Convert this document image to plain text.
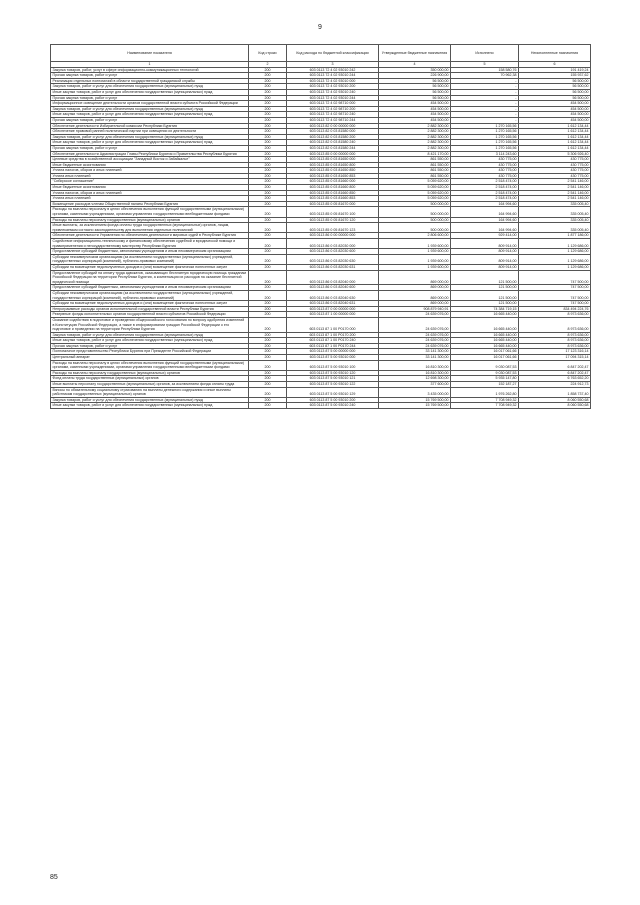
9
Наименование показателя	Код строки	Код расхода по бюджетной классификации	Утвержденные бюджетные назначения	Исполнено	Неисполненные назначения
1	2	3	4	5	6
Закупка товаров, работ, услуг в сфере информационно-коммуникационных технологий	200	603 0113 72 4 02 93010 242	350 000,00	158 580,76	191 419,24
Прочая закупка товаров, работ и услуг	200	603 0113 72 4 02 93010 244	226 900,00	70 962,38	155 937,62
Реализация отдельных полномочий в области государственной гражданской службы	200	603 0113 72 4 02 93010 000	56 500,00	-	56 500,00
Закупка товаров, работ и услуг для обеспечения государственных (муниципальных) нужд	200	603 0113 72 4 02 93010 200	56 500,00	-	56 500,00
Иные закупки товаров, работ и услуг для обеспечения государственных (муниципальных) нужд	200	603 0113 72 4 02 93010 240	56 500,00	-	56 500,00
Прочая закупка товаров, работ и услуг	200	603 0113 72 4 02 93010 244	56 500,00	-	56 500,00
Информационное освещение деятельности органов государственной власти субъекта Российской Федерации	200	603 0113 72 4 02 98710 000	454 500,00	-	454 500,00
Закупка товаров, работ и услуг для обеспечения государственных (муниципальных) нужд	200	603 0113 72 4 02 98710 200	454 500,00	-	454 500,00
Иные закупки товаров, работ и услуг для обеспечения государственных (муниципальных) нужд	200	603 0113 72 4 02 98710 240	454 500,00	-	454 500,00
Прочая закупка товаров, работ и услуг	200	603 0113 72 4 02 98710 244	454 500,00	-	454 500,00
Обеспечение деятельности Избирательной комиссии Республики Бурятия	200	603 0113 82 0 00 00000 000	2 882 300,00	1 270 165,56	1 612 134,44
Обеспечение правовой ранней политической партии при освещении их деятельности	200	603 0113 82 0 03 81580 000	2 882 300,00	1 270 165,56	1 612 134,44
Закупка товаров, работ и услуг для обеспечения государственных (муниципальных) нужд	200	603 0113 82 0 03 81580 200	2 882 300,00	1 270 165,56	1 612 134,44
Иные закупки товаров, работ и услуг для обеспечения государственных (муниципальных) нужд	200	603 0113 82 0 03 81580 240	2 882 300,00	1 270 165,56	1 612 134,44
Прочая закупка товаров, работ и услуг	200	603 0113 82 0 03 81580 244	2 882 300,00	1 270 165,56	1 612 134,44
Обеспечение деятельности Администрации Главы Республики Бурятия и Правительства Республики Бурятия	200	603 0113 85 0 00 00000 000	8 421 170,00	3 114 243,60	5 306 926,40
Целевые средства в хозяйственной ассоциации "Западный Восток и Забайкалье"	200	603 0113 85 0 03 81650 000	861 550,00	430 775,00	430 775,00
Иные бюджетные ассигнования	200	603 0113 85 0 03 81650 800	861 550,00	430 775,00	430 775,00
Уплата налогов, сборов и иных платежей	200	603 0113 85 0 03 81650 850	861 550,00	430 775,00	430 775,00
Уплата иных платежей	200	603 0113 85 0 03 81650 853	861 550,00	430 775,00	430 775,00
"Сибирское соглашение"	200	603 0113 85 0 03 81660 000	5 059 620,00	2 518 474,00	2 541 146,00
Иные бюджетные ассигнования	200	603 0113 85 0 03 81660 800	5 059 620,00	2 518 474,00	2 541 146,00
Уплата налогов, сборов и иных платежей	200	603 0113 85 0 03 81660 850	5 059 620,00	2 518 474,00	2 541 146,00
Уплата иных платежей	200	603 0113 85 0 03 81660 853	5 059 620,00	2 518 474,00	2 541 146,00
Возмещение расходов членам Общественной палаты Республики Бурятия	200	603 0113 85 0 05 81670 000	500 000,00	164 994,60	335 005,40
Расходы на выплаты персоналу в целях обеспечения выполнения функций государственными (муниципальными) органами, казенными учреждениями, органами управления государственными внебюджетными фондами	200	603 0113 85 0 05 81670 100	500 000,00	164 994,60	335 005,40
Расходы на выплаты персоналу государственных (муниципальных) органов	200	603 0113 85 0 05 81670 120	500 000,00	164 994,60	335 005,40
Иные выплаты, за исключением фонда оплаты труда государственных (муниципальных) органов, лицам, привлекаемым согласно законодательству для выполнения отдельных полномочий	200	603 0113 85 0 05 81670 123	500 000,00	164 994,60	335 005,40
Обеспечение деятельности Управления по обеспечению деятельности мировых судей в Республике Бурятия	200	603 0113 86 0 00 00000 000	2 806 600,00	929 414,00	1 877 186,00
Содействие информационно-техническому и финансовому обеспечению судебной и юридической помощи и правоприменения и негосударственному мастерству Республики Бурятия	200	603 0113 86 0 03 82030 000	1 939 600,00	809 914,00	1 129 686,00
Предоставление субсидий бюджетным, автономным учреждениям и иным некоммерческим организациям	200	603 0113 86 0 03 82030 600	1 939 600,00	809 914,00	1 129 686,00
Субсидии некоммерческим организациям (за исключением государственных (муниципальных) учреждений, государственных корпораций (компаний), публично-правовых компаний)	200	603 0113 86 0 03 82030 630	1 939 600,00	809 914,00	1 129 686,00
Субсидии на возмещение недополученных доходов и (или) возмещение фактически понесенных затрат	200	603 0113 86 0 03 82030 631	1 939 600,00	809 914,00	1 129 686,00
Предоставление субсидий на оплату труда адвокатов, оказывающих бесплатную юридическую помощь гражданам Российской Федерации на территории Республики Бурятия, а компенсация их расходов на оказание бесплатной юридической помощи	200	603 0113 86 0 03 82040 000	869 000,00	121 500,00	747 500,00
Предоставление субсидий бюджетным, автономным учреждениям и иным некоммерческим организациям	200	603 0113 86 0 03 82040 600	869 000,00	121 500,00	747 500,00
Субсидии некоммерческим организациям (за исключением государственных (муниципальных) учреждений, государственных корпораций (компаний), публично-правовых компаний)	200	603 0113 86 0 03 82040 630	869 000,00	121 500,00	747 500,00
Субсидии на возмещение недополученных доходов и (или) возмещение фактически понесенных затрат	200	603 0113 86 0 03 82040 631	869 000,00	121 500,00	747 500,00
Непрограммные расходы органов исполнительной государственной власти Республики Бурятия	200	603 0113 87 0 00 00000 000	908 879 940,91	74 384 719,15	834 494 224,76
Резервные фонды исполнительных органов государственной власти субъектов Российской Федерации	200	603 0113 87 1 00 00000 000	24 639 076,00	16 665 440,00	8 973 636,00
Оказание содействия в подготовке и проведении общероссийского голосования по вопросу одобрения изменений в Конституцию Российской Федерации, а также в информировании граждан Российской Федерации о его подготовке и проведении на территории Республики Бурятия	200	603 0113 87 1 00 Р0170 000	24 639 076,00	16 665 440,00	8 973 636,00
Закупка товаров, работ и услуг для обеспечения государственных (муниципальных) нужд	200	603 0113 87 1 00 Р0170 200	24 639 076,00	16 665 440,00	8 973 636,00
Иные закупки товаров, работ и услуг для обеспечения государственных (муниципальных) нужд	200	603 0113 87 1 00 Р0170 240	24 639 076,00	16 665 440,00	8 973 636,00
Прочая закупка товаров, работ и услуг	200	603 0113 87 1 00 Р0170 244	24 639 076,00	16 665 440,00	8 973 636,00
Полномочное представительство Республики Бурятия при Президенте Российской Федерации	200	603 0113 87 5 00 00000 000	33 141 300,00	16 017 061,66	17 123 316,14
Центральный аппарат	200	603 0113 87 5 00 93010 000	33 141 300,00	16 017 061,66	17 094 315,14
Расходы на выплаты персоналу в целях обеспечения выполнения функций государственными (муниципальными) органами, казенными учреждениями, органами управления государственными внебюджетными фондами	200	603 0113 87 5 00 93010 100	16 810 300,00	9 030 087,53	6 847 202,47
Расходы на выплаты персоналу государственных (муниципальных) органов	200	603 0113 87 5 00 93010 120	16 810 300,00	9 030 087,53	6 847 202,47
Фонд оплаты труда государственных (муниципальных) органов	200	603 0113 87 5 00 93010 121	12 698 300,00	5 935 147,80	6 763 652,20
Иные выплаты персоналу государственных (муниципальных) органов, за исключением фонда оплаты труда	200	603 0113 87 5 00 93010 122	377 600,00	152 187,27	224 912,73
Взносы по обязательному социальному страхованию на выплаты денежного содержания и иные выплаты работникам государственных (муниципальных) органов	200	603 0113 87 5 00 93010 129	3 435 000,00	1 976 262,80	1 858 737,40
Закупка товаров, работ и услуг для обеспечения государственных (муниципальных) нужд	200	603 0113 87 5 00 93010 200	15 769 500,00	7 708 949,32	8 060 550,68
Иные закупки товаров, работ и услуг для обеспечения государственных (муниципальных) нужд	200	603 0113 87 5 00 93010 240	15 769 500,00	7 708 949,32	8 060 550,68
85
